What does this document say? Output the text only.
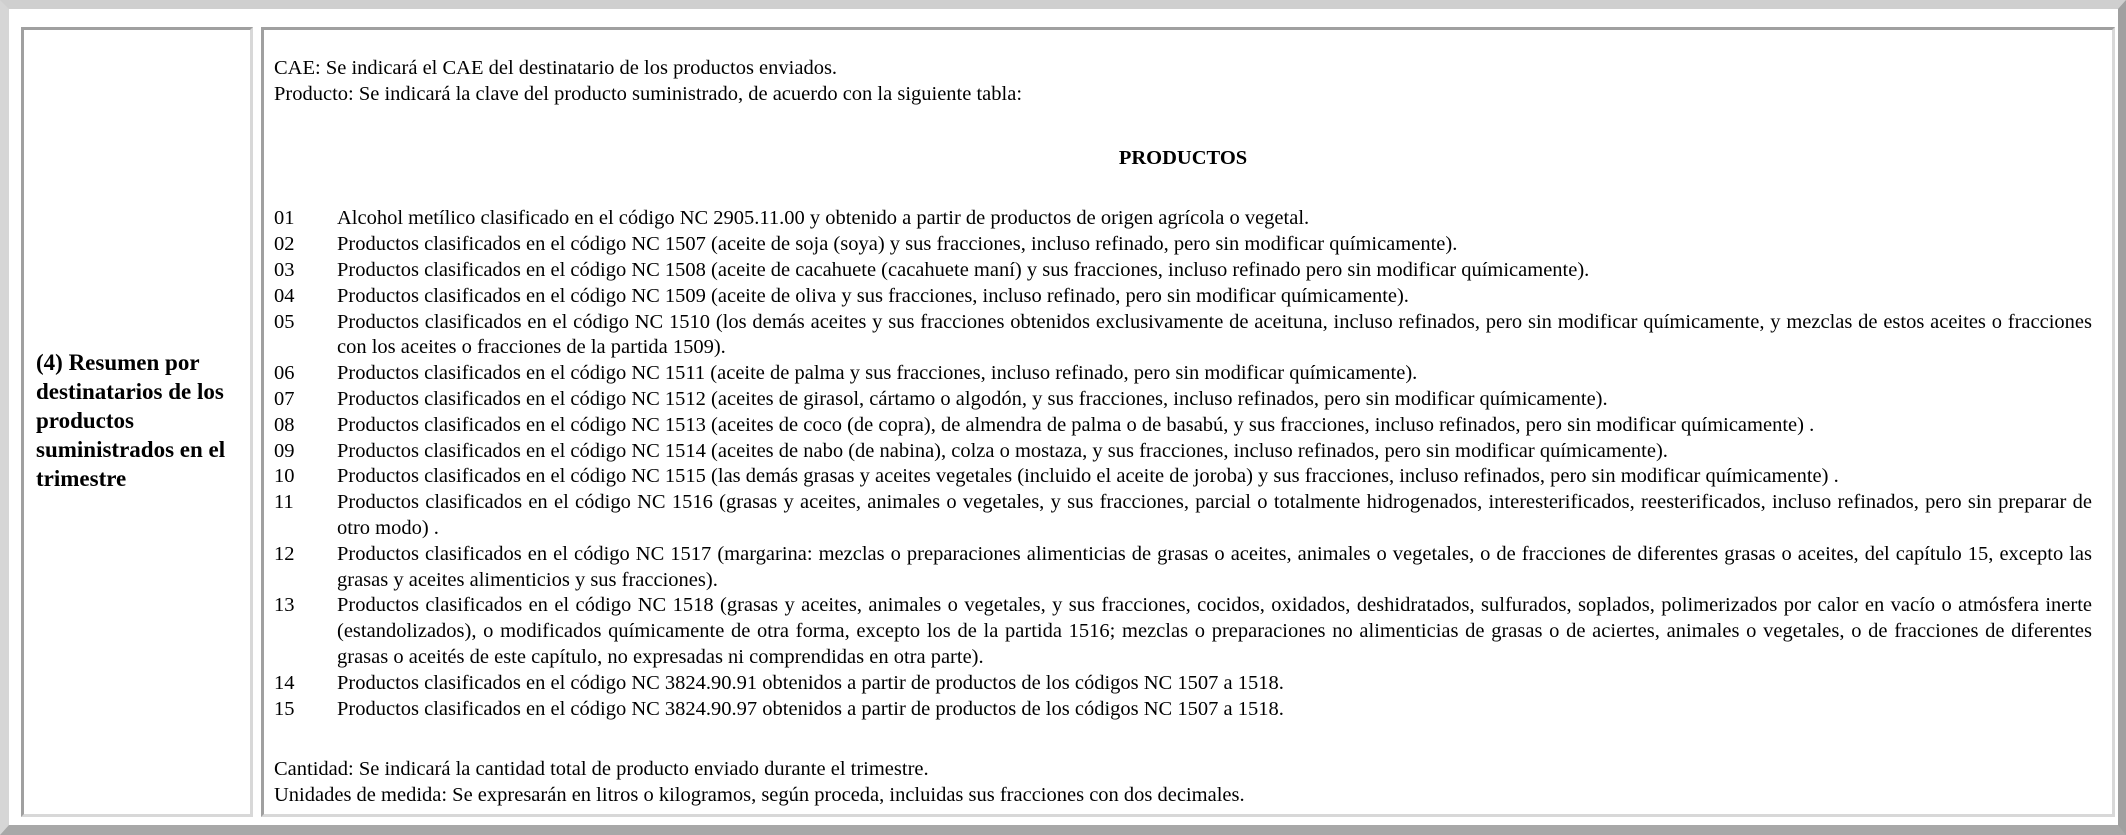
(4) Resumen por destinatarios de los productos suministrados en el trimestre
CAE: Se indicará el CAE del destinatario de los productos enviados.
Producto: Se indicará la clave del producto suministrado, de acuerdo con la siguiente tabla:
PRODUCTOS
01	Alcohol metílico clasificado en el código NC 2905.11.00 y obtenido a partir de productos de origen agrícola o vegetal.
02	Productos clasificados en el código NC 1507 (aceite de soja (soya) y sus fracciones, incluso refinado, pero sin modificar químicamente).
03	Productos clasificados en el código NC 1508 (aceite de cacahuete (cacahuete maní) y sus fracciones, incluso refinado pero sin modificar químicamente).
04	Productos clasificados en el código NC 1509 (aceite de oliva y sus fracciones, incluso refinado, pero sin modificar químicamente).
05	Productos clasificados en el código NC 1510 (los demás aceites y sus fracciones obtenidos exclusivamente de aceituna, incluso refinados, pero sin modificar químicamente, y mezclas de estos aceites o fracciones con los aceites o fracciones de la partida 1509).
06	Productos clasificados en el código NC 1511 (aceite de palma y sus fracciones, incluso refinado, pero sin modificar químicamente).
07	Productos clasificados en el código NC 1512 (aceites de girasol, cártamo o algodón, y sus fracciones, incluso refinados, pero sin modificar químicamente).
08	Productos clasificados en el código NC 1513 (aceites de coco (de copra), de almendra de palma o de basabú, y sus fracciones, incluso refinados, pero sin modificar químicamente) .
09	Productos clasificados en el código NC 1514 (aceites de nabo (de nabina), colza o mostaza, y sus fracciones, incluso refinados, pero sin modificar químicamente).
10	Productos clasificados en el código NC 1515 (las demás grasas y aceites vegetales (incluido el aceite de joroba) y sus fracciones, incluso refinados, pero sin modificar químicamente) .
11	Productos clasificados en el código NC 1516 (grasas y aceites, animales o vegetales, y sus fracciones, parcial o totalmente hidrogenados, interesterificados, reesterificados, incluso refinados, pero sin preparar de otro modo) .
12	Productos clasificados en el código NC 1517 (margarina: mezclas o preparaciones alimenticias de grasas o aceites, animales o vegetales, o de fracciones de diferentes grasas o aceites, del capítulo 15, excepto las grasas y aceites alimenticios y sus fracciones).
13	Productos clasificados en el código NC 1518 (grasas y aceites, animales o vegetales, y sus fracciones, cocidos, oxidados, deshidratados, sulfurados, soplados, polimerizados por calor en vacío o atmósfera inerte (estandolizados), o modificados químicamente de otra forma, excepto los de la partida 1516; mezclas o preparaciones no alimenticias de grasas o de aciertes, animales o vegetales, o de fracciones de diferentes grasas o aceités de este capítulo, no expresadas ni comprendidas en otra parte).
14	Productos clasificados en el código NC 3824.90.91 obtenidos a partir de productos de los códigos NC 1507 a 1518.
15	Productos clasificados en el código NC 3824.90.97 obtenidos a partir de productos de los códigos NC 1507 a 1518.
Cantidad: Se indicará la cantidad total de producto enviado durante el trimestre.
Unidades de medida: Se expresarán en litros o kilogramos, según proceda, incluidas sus fracciones con dos decimales.
